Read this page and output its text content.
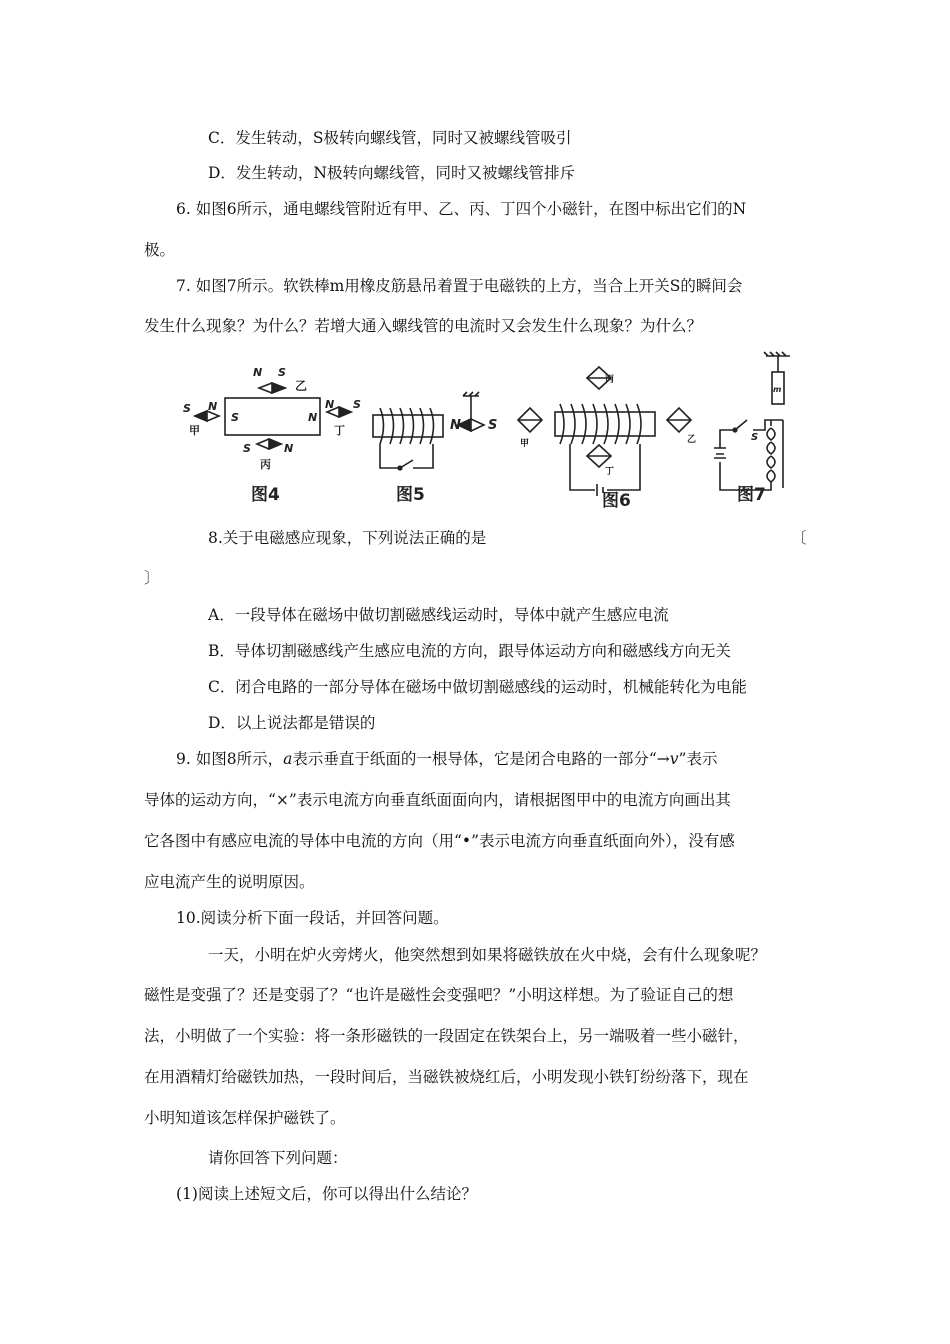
C．发生转动，S极转向螺线管，同时又被螺线管吸引
D．发生转动，N极转向螺线管，同时又被螺线管排斥
6. 如图6所示，通电螺线管附近有甲、乙、丙、丁四个小磁针，在图中标出它们的N
极。
7. 如图7所示。软铁棒m用橡皮筋悬吊着置于电磁铁的上方，当合上开关S的瞬间会
发生什么现象？为什么？若增大通入螺线管的电流时又会发生什么现象？为什么？
N S
乙
S	N
S N
甲
N S
丁
S	N
丙
N S
丙
甲	乙
丁
m
S
图4	图5	图6	图7
8.关于电磁感应现象，下列说法正确的是	〔
〕
A．一段导体在磁场中做切割磁感线运动时，导体中就产生感应电流
B．导体切割磁感线产生感应电流的方向，跟导体运动方向和磁感线方向无关
C．闭合电路的一部分导体在磁场中做切割磁感线的运动时，机械能转化为电能
D．以上说法都是错误的
9. 如图8所示，a表示垂直于纸面的一根导体，它是闭合电路的一部分“→v”表示
导体的运动方向，“×”表示电流方向垂直纸面面向内，请根据图甲中的电流方向画出其
它各图中有感应电流的导体中电流的方向（用“•”表示电流方向垂直纸面向外），没有感
应电流产生的说明原因。
10.阅读分析下面一段话，并回答问题。
一天，小明在炉火旁烤火，他突然想到如果将磁铁放在火中烧，会有什么现象呢？
磁性是变强了？还是变弱了？“也许是磁性会变强吧？”小明这样想。为了验证自己的想
法，小明做了一个实验：将一条形磁铁的一段固定在铁架台上，另一端吸着一些小磁针，
在用酒精灯给磁铁加热，一段时间后，当磁铁被烧红后，小明发现小铁钉纷纷落下，现在
小明知道该怎样保护磁铁了。
请你回答下列问题：
(1)阅读上述短文后，你可以得出什么结论？
